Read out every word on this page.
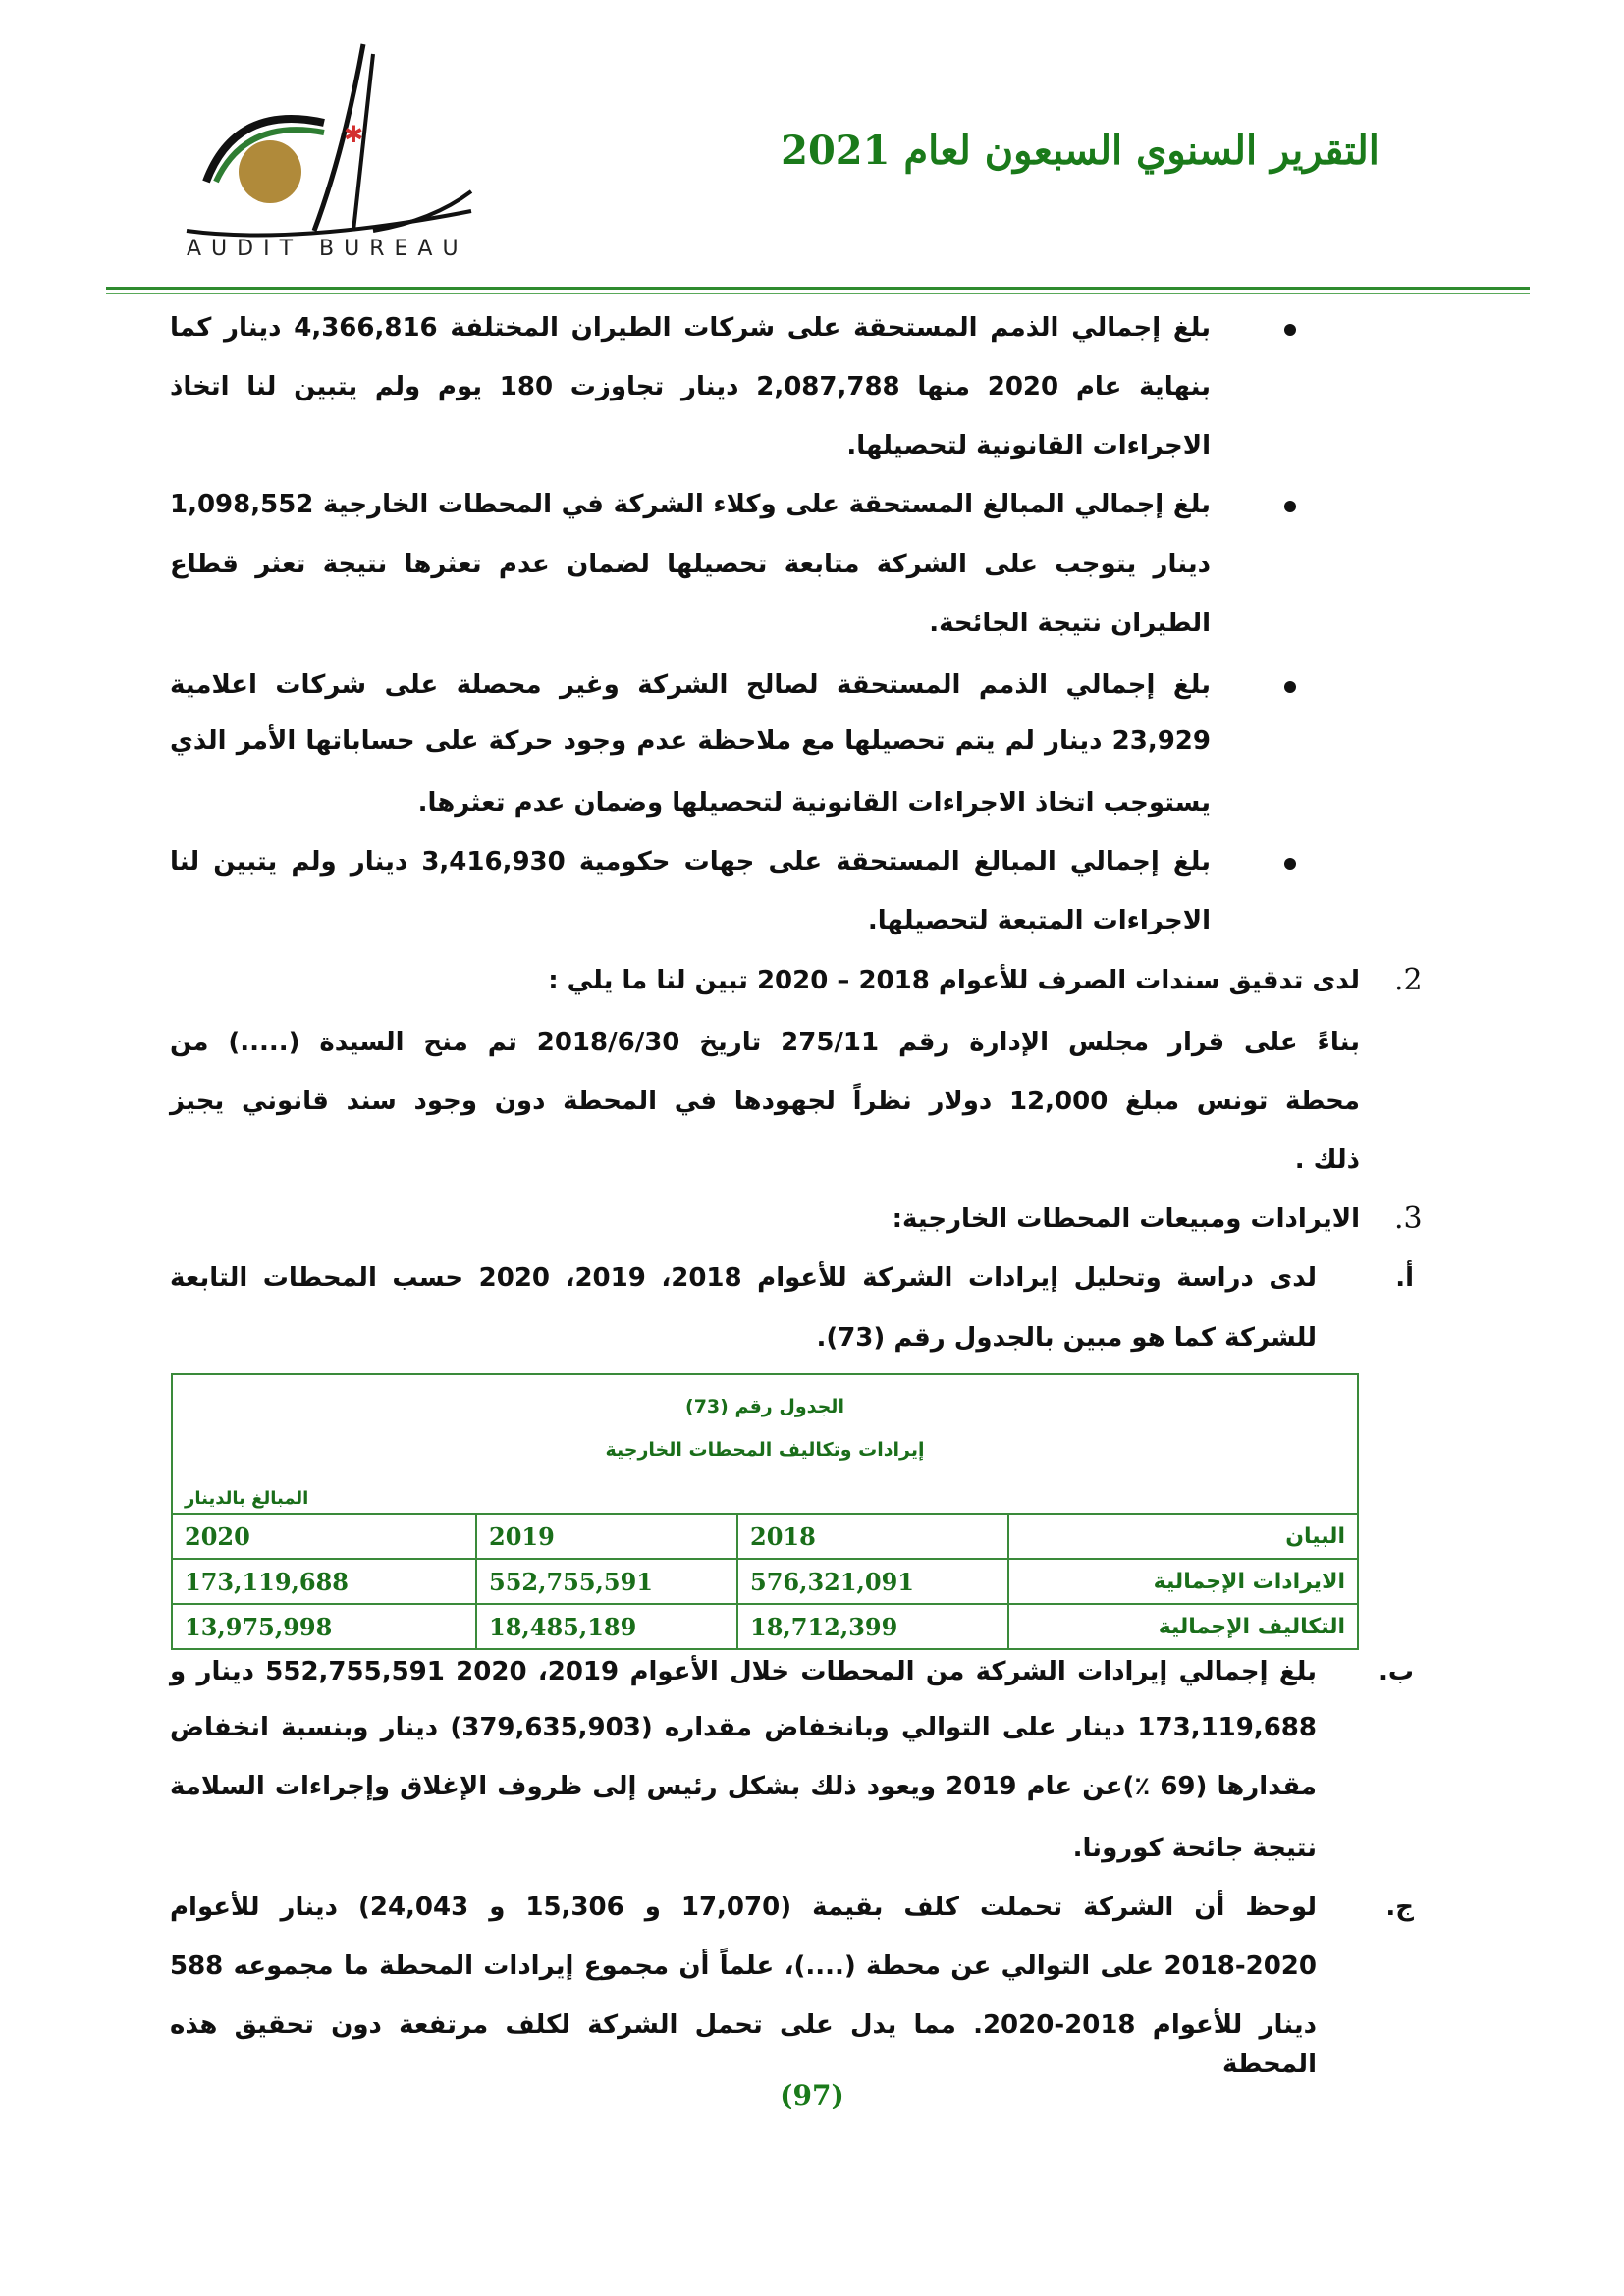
✱
AUDIT BUREAU
التقرير السنوي السبعون لعام 2021
بلغ إجمالي الذمم المستحقة على شركات الطيران المختلفة 4,366,816 دينار كما
بنهاية عام 2020 منها 2,087,788 دينار تجاوزت 180 يوم ولم يتبين لنا اتخاذ
الاجراءات القانونية لتحصيلها.
بلغ إجمالي المبالغ المستحقة على وكلاء الشركة في المحطات الخارجية 1,098,552
دينار يتوجب على الشركة متابعة تحصيلها لضمان عدم تعثرها نتيجة تعثر قطاع
الطيران نتيجة الجائحة.
بلغ إجمالي الذمم المستحقة لصالح الشركة وغير محصلة على شركات اعلامية
23,929 دينار لم يتم تحصيلها مع ملاحظة عدم وجود حركة على حساباتها الأمر الذي
يستوجب اتخاذ الاجراءات القانونية لتحصيلها وضمان عدم تعثرها.
بلغ إجمالي المبالغ المستحقة على جهات حكومية 3,416,930 دينار ولم يتبين لنا
الاجراءات المتبعة لتحصيلها.
2.
لدى تدقيق سندات الصرف للأعوام 2018 – 2020 تبين لنا ما يلي :
بناءً على قرار مجلس الإدارة رقم 275/11 تاريخ 2018/6/30 تم منح السيدة (.....) من
محطة تونس مبلغ 12,000 دولار نظراً لجهودها في المحطة دون وجود سند قانوني يجيز
ذلك .
3.
الايرادات ومبيعات المحطات الخارجية:
أ.
لدى دراسة وتحليل إيرادات الشركة للأعوام 2018، 2019، 2020 حسب المحطات التابعة
للشركة كما هو مبين بالجدول رقم (73).
الجدول رقم (73)
إيرادات وتكاليف المحطات الخارجية
المبالغ بالدينار			

البيان	2018	2019	2020
الايرادات الإجمالية	576,321,091	552,755,591	173,119,688
التكاليف الإجمالية	18,712,399	18,485,189	13,975,998
ب.
بلغ إجمالي إيرادات الشركة من المحطات خلال الأعوام 2019، 2020 552,755,591 دينار و
173,119,688 دينار على التوالي وبانخفاض مقداره (379,635,903) دينار وبنسبة انخفاض
مقدارها (69 ٪)عن عام 2019 ويعود ذلك بشكل رئيس إلى ظروف الإغلاق وإجراءات السلامة
نتيجة جائحة كورونا.
ج.
لوحظ أن الشركة تحملت كلف بقيمة (17,070 و 15,306 و 24,043) دينار للأعوام
2018-2020 على التوالي عن محطة (....)، علماً أن مجموع إيرادات المحطة ما مجموعه 588
دينار للأعوام 2018-2020. مما يدل على تحمل الشركة لكلف مرتفعة دون تحقيق هذه المحطة
(97)
